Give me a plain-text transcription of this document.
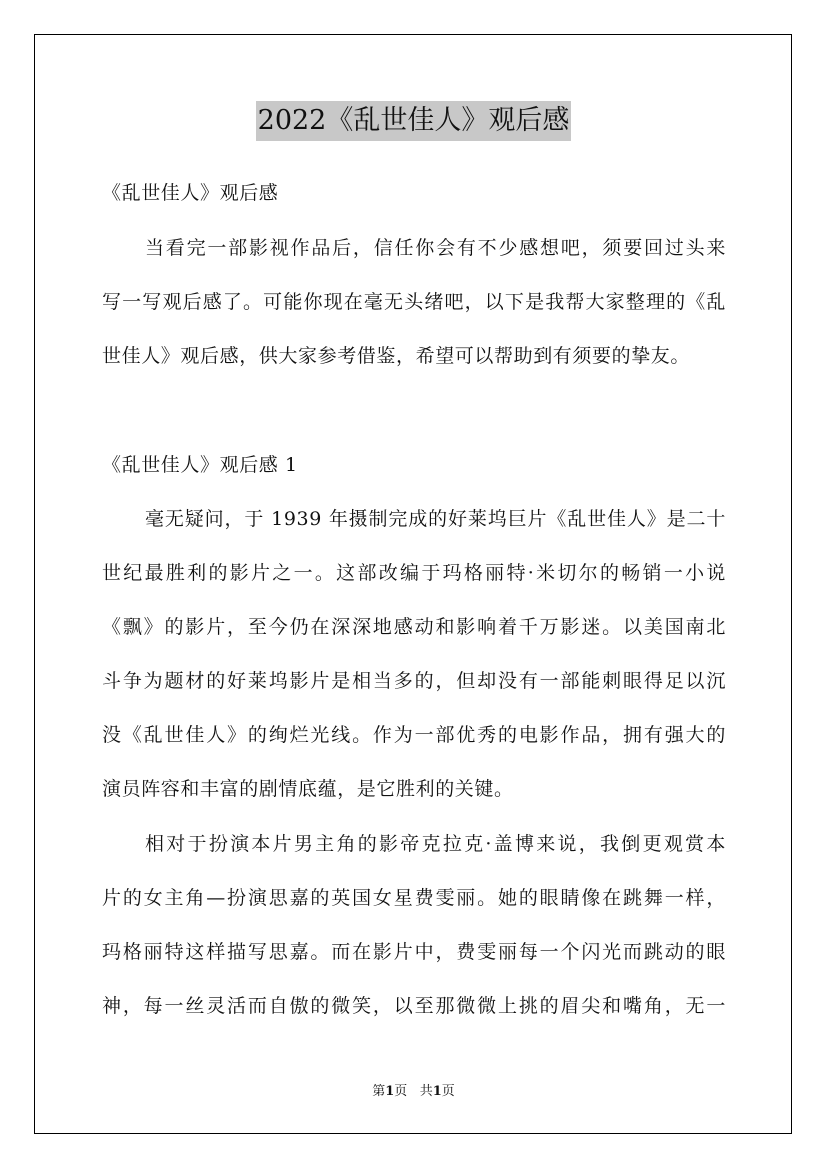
2022《乱世佳人》观后感
《乱世佳人》观后感
当看完一部影视作品后，信任你会有不少感想吧，须要回过头来
写一写观后感了。可能你现在毫无头绪吧，以下是我帮大家整理的《乱
世佳人》观后感，供大家参考借鉴，希望可以帮助到有须要的挚友。
《乱世佳人》观后感 1
毫无疑问，于 1939 年摄制完成的好莱坞巨片《乱世佳人》是二十
世纪最胜利的影片之一。这部改编于玛格丽特·米切尔的畅销一小说
《飘》的影片，至今仍在深深地感动和影响着千万影迷。以美国南北
斗争为题材的好莱坞影片是相当多的，但却没有一部能刺眼得足以沉
没《乱世佳人》的绚烂光线。作为一部优秀的电影作品，拥有强大的
演员阵容和丰富的剧情底蕴，是它胜利的关键。
相对于扮演本片男主角的影帝克拉克·盖博来说，我倒更观赏本
片的女主角—扮演思嘉的英国女星费雯丽。她的眼睛像在跳舞一样，
玛格丽特这样描写思嘉。而在影片中，费雯丽每一个闪光而跳动的眼
神，每一丝灵活而自傲的微笑，以至那微微上挑的眉尖和嘴角，无一
第1页 共1页
